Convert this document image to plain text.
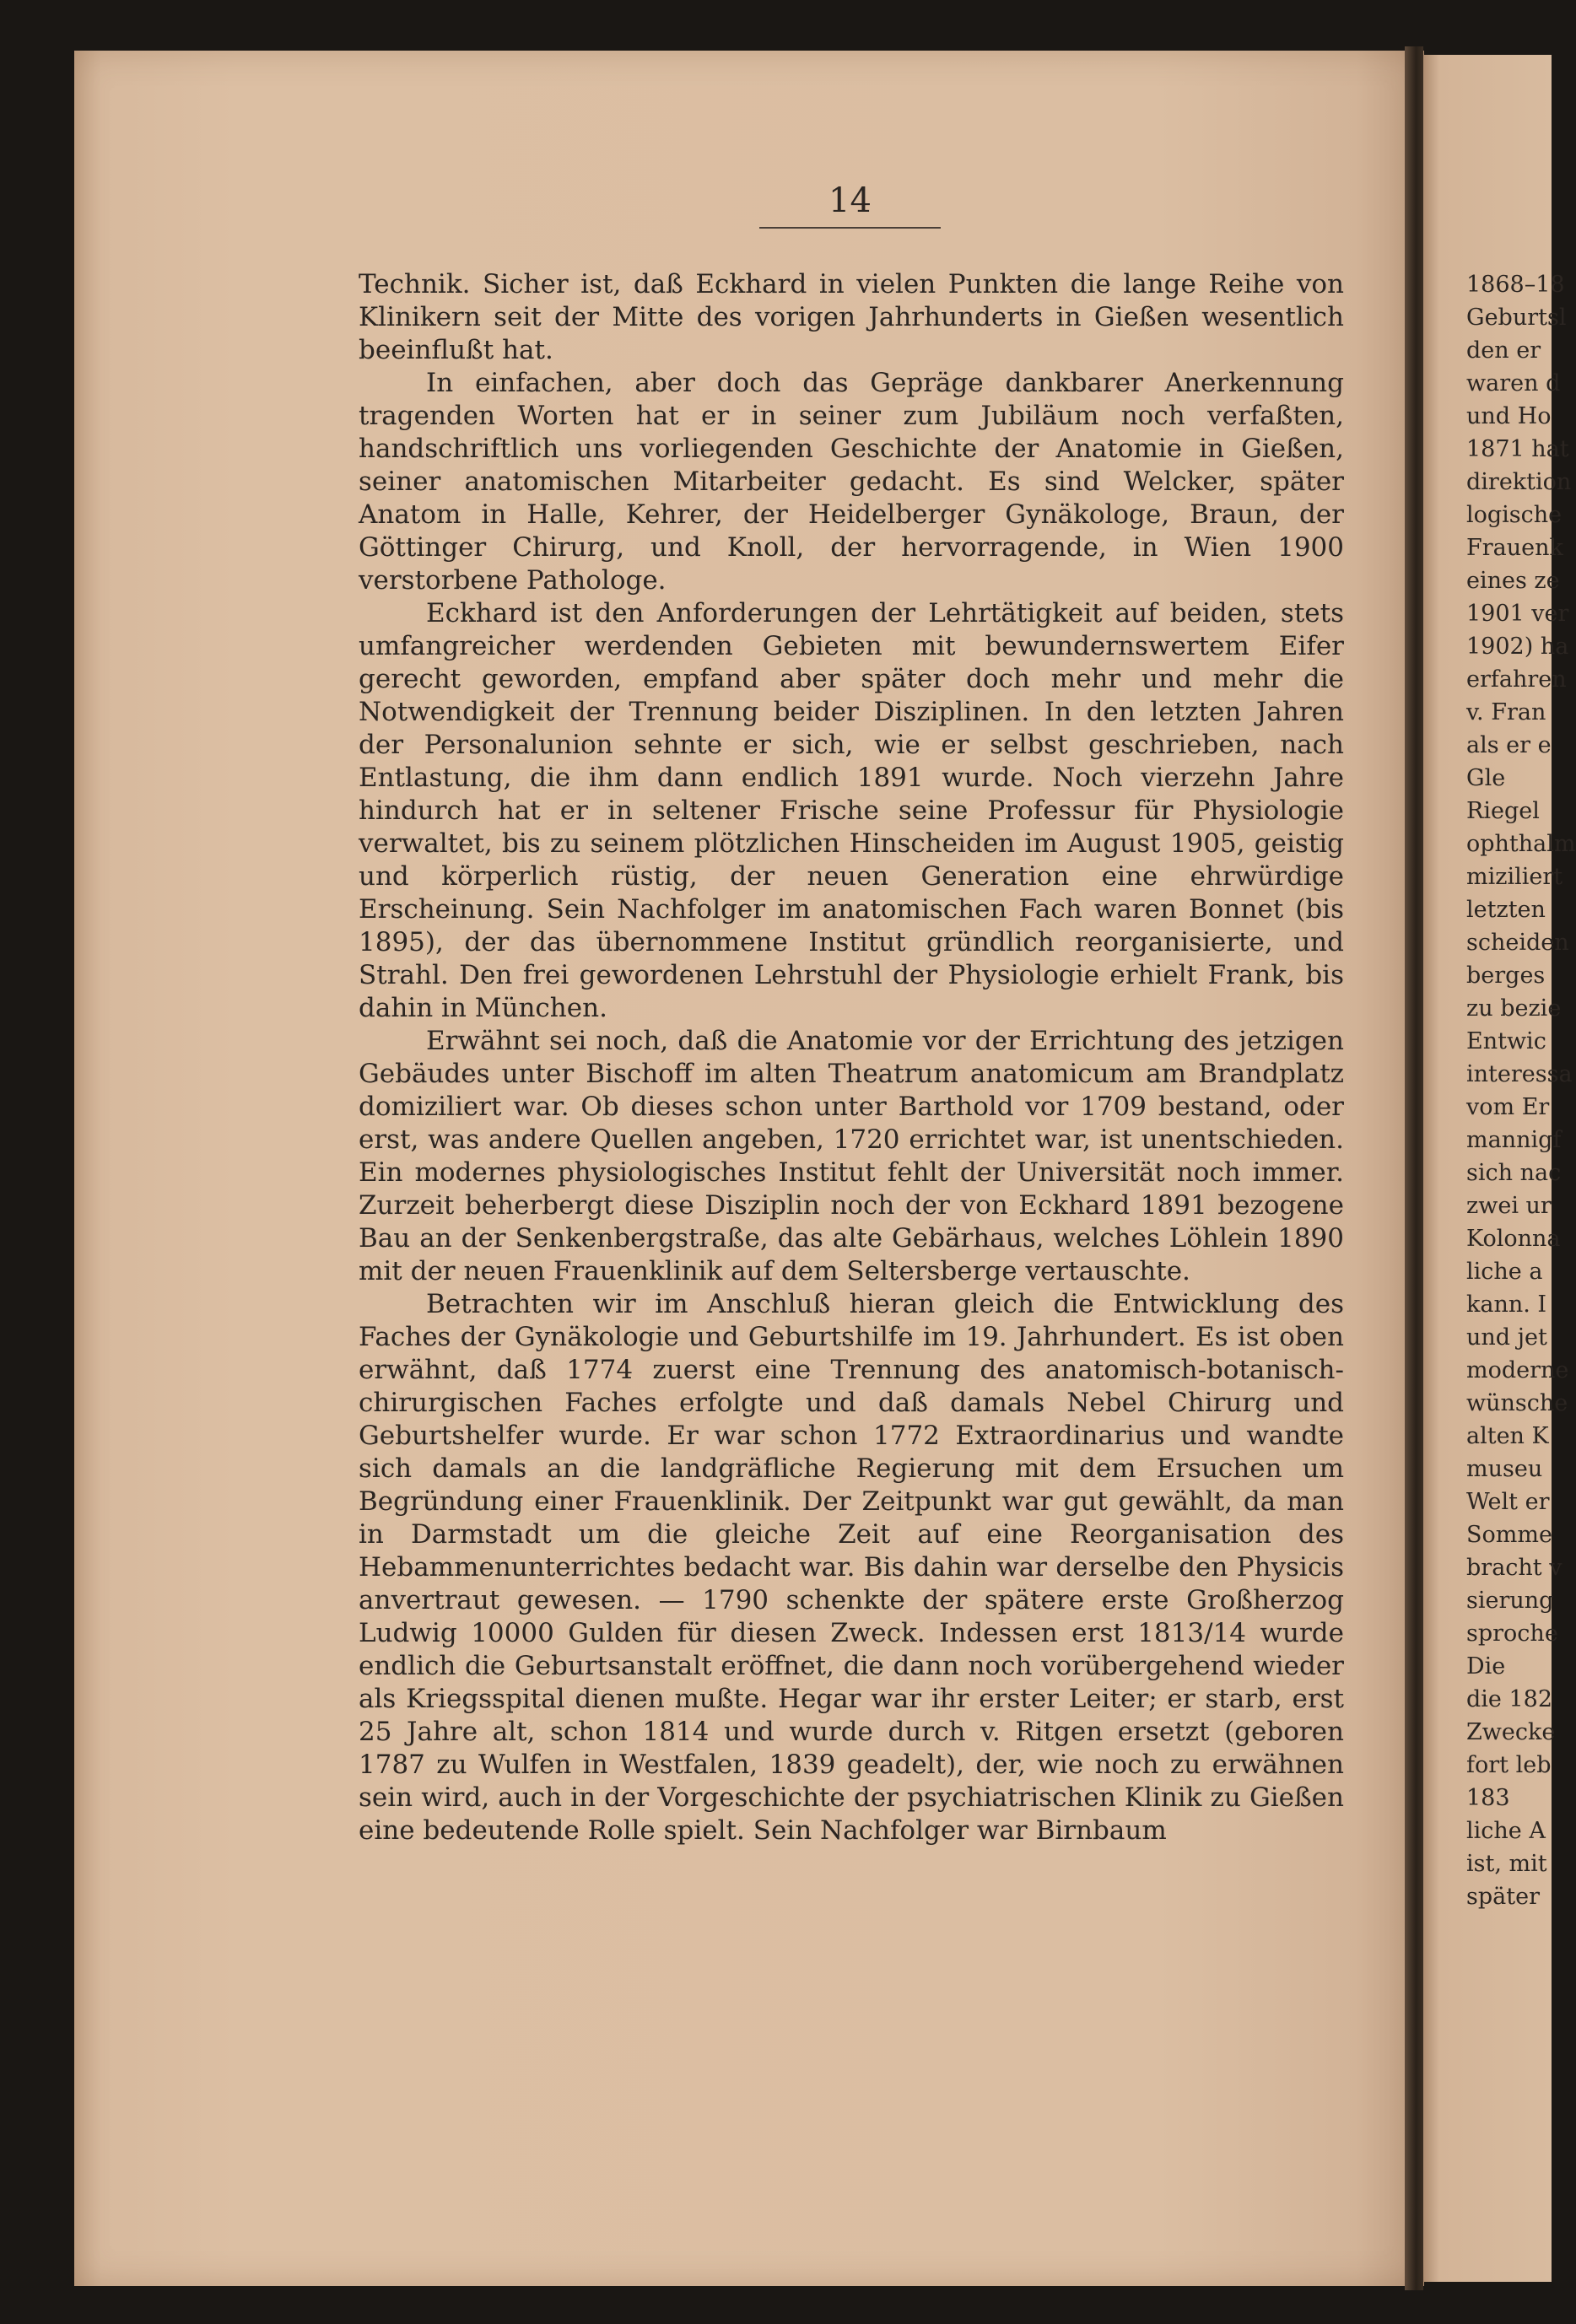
14

Technik. Sicher ist, daß Eckhard in vielen Punkten die lange Reihe von Klinikern seit der Mitte des vorigen Jahrhunderts in Gießen wesentlich beeinflußt hat.

In einfachen, aber doch das Gepräge dankbarer Anerkennung tragenden Worten hat er in seiner zum Jubiläum noch verfaßten, handschriftlich uns vorliegenden Geschichte der Anatomie in Gießen, seiner anatomischen Mitarbeiter gedacht. Es sind Welcker, später Anatom in Halle, Kehrer, der Heidelberger Gynäkologe, Braun, der Göttinger Chirurg, und Knoll, der hervorragende, in Wien 1900 verstorbene Pathologe.

Eckhard ist den Anforderungen der Lehrtätigkeit auf beiden, stets umfangreicher werdenden Gebieten mit bewundernswertem Eifer gerecht geworden, empfand aber später doch mehr und mehr die Notwendigkeit der Trennung beider Disziplinen. In den letzten Jahren der Personalunion sehnte er sich, wie er selbst geschrieben, nach Entlastung, die ihm dann endlich 1891 wurde. Noch vierzehn Jahre hindurch hat er in seltener Frische seine Professur für Physiologie verwaltet, bis zu seinem plötzlichen Hinscheiden im August 1905, geistig und körperlich rüstig, der neuen Generation eine ehrwürdige Erscheinung. Sein Nachfolger im anatomischen Fach waren Bonnet (bis 1895), der das übernommene Institut gründlich reorganisierte, und Strahl. Den frei gewordenen Lehrstuhl der Physiologie erhielt Frank, bis dahin in München.

Erwähnt sei noch, daß die Anatomie vor der Errichtung des jetzigen Gebäudes unter Bischoff im alten Theatrum anatomicum am Brandplatz domiziliert war. Ob dieses schon unter Barthold vor 1709 bestand, oder erst, was andere Quellen angeben, 1720 errichtet war, ist unentschieden. Ein modernes physiologisches Institut fehlt der Universität noch immer. Zurzeit beherbergt diese Disziplin noch der von Eckhard 1891 bezogene Bau an der Senkenbergstraße, das alte Gebärhaus, welches Löhlein 1890 mit der neuen Frauenklinik auf dem Seltersberge vertauschte.

Betrachten wir im Anschluß hieran gleich die Entwicklung des Faches der Gynäkologie und Geburtshilfe im 19. Jahrhundert. Es ist oben erwähnt, daß 1774 zuerst eine Trennung des anatomisch-botanisch-chirurgischen Faches erfolgte und daß damals Nebel Chirurg und Geburtshelfer wurde. Er war schon 1772 Extraordinarius und wandte sich damals an die landgräfliche Regierung mit dem Ersuchen um Begründung einer Frauenklinik. Der Zeitpunkt war gut gewählt, da man in Darmstadt um die gleiche Zeit auf eine Reorganisation des Hebammenunterrichtes bedacht war. Bis dahin war derselbe den Physicis anvertraut gewesen. — 1790 schenkte der spätere erste Großherzog Ludwig 10000 Gulden für diesen Zweck. Indessen erst 1813/14 wurde endlich die Geburtsanstalt eröffnet, die dann noch vorübergehend wieder als Kriegsspital dienen mußte. Hegar war ihr erster Leiter; er starb, erst 25 Jahre alt, schon 1814 und wurde durch v. Ritgen ersetzt (geboren 1787 zu Wulfen in Westfalen, 1839 geadelt), der, wie noch zu erwähnen sein wird, auch in der Vorgeschichte der psychiatrischen Klinik zu Gießen eine bedeutende Rolle spielt. Sein Nachfolger war Birnbaum

1868–18
Geburtsl
den er
waren d
und Ho
1871 hat
direktion
logische
Frauenk
eines ze
1901 ver
1902) ha
erfahren
v. Fran
als er e
Gle
Riegel
ophthalm
miziliert
letzten
scheiden
berges
zu bezie
Entwic
interessa
vom Er
mannigf
sich nac
zwei ur
Kolonna
liche a
kann. I
und jet
moderne
wünsche
alten K
museu
Welt er
Somme
bracht v
sierung
sproche
Die
die 182
Zwecke
fort leb
183
liche A
ist, mit
später
